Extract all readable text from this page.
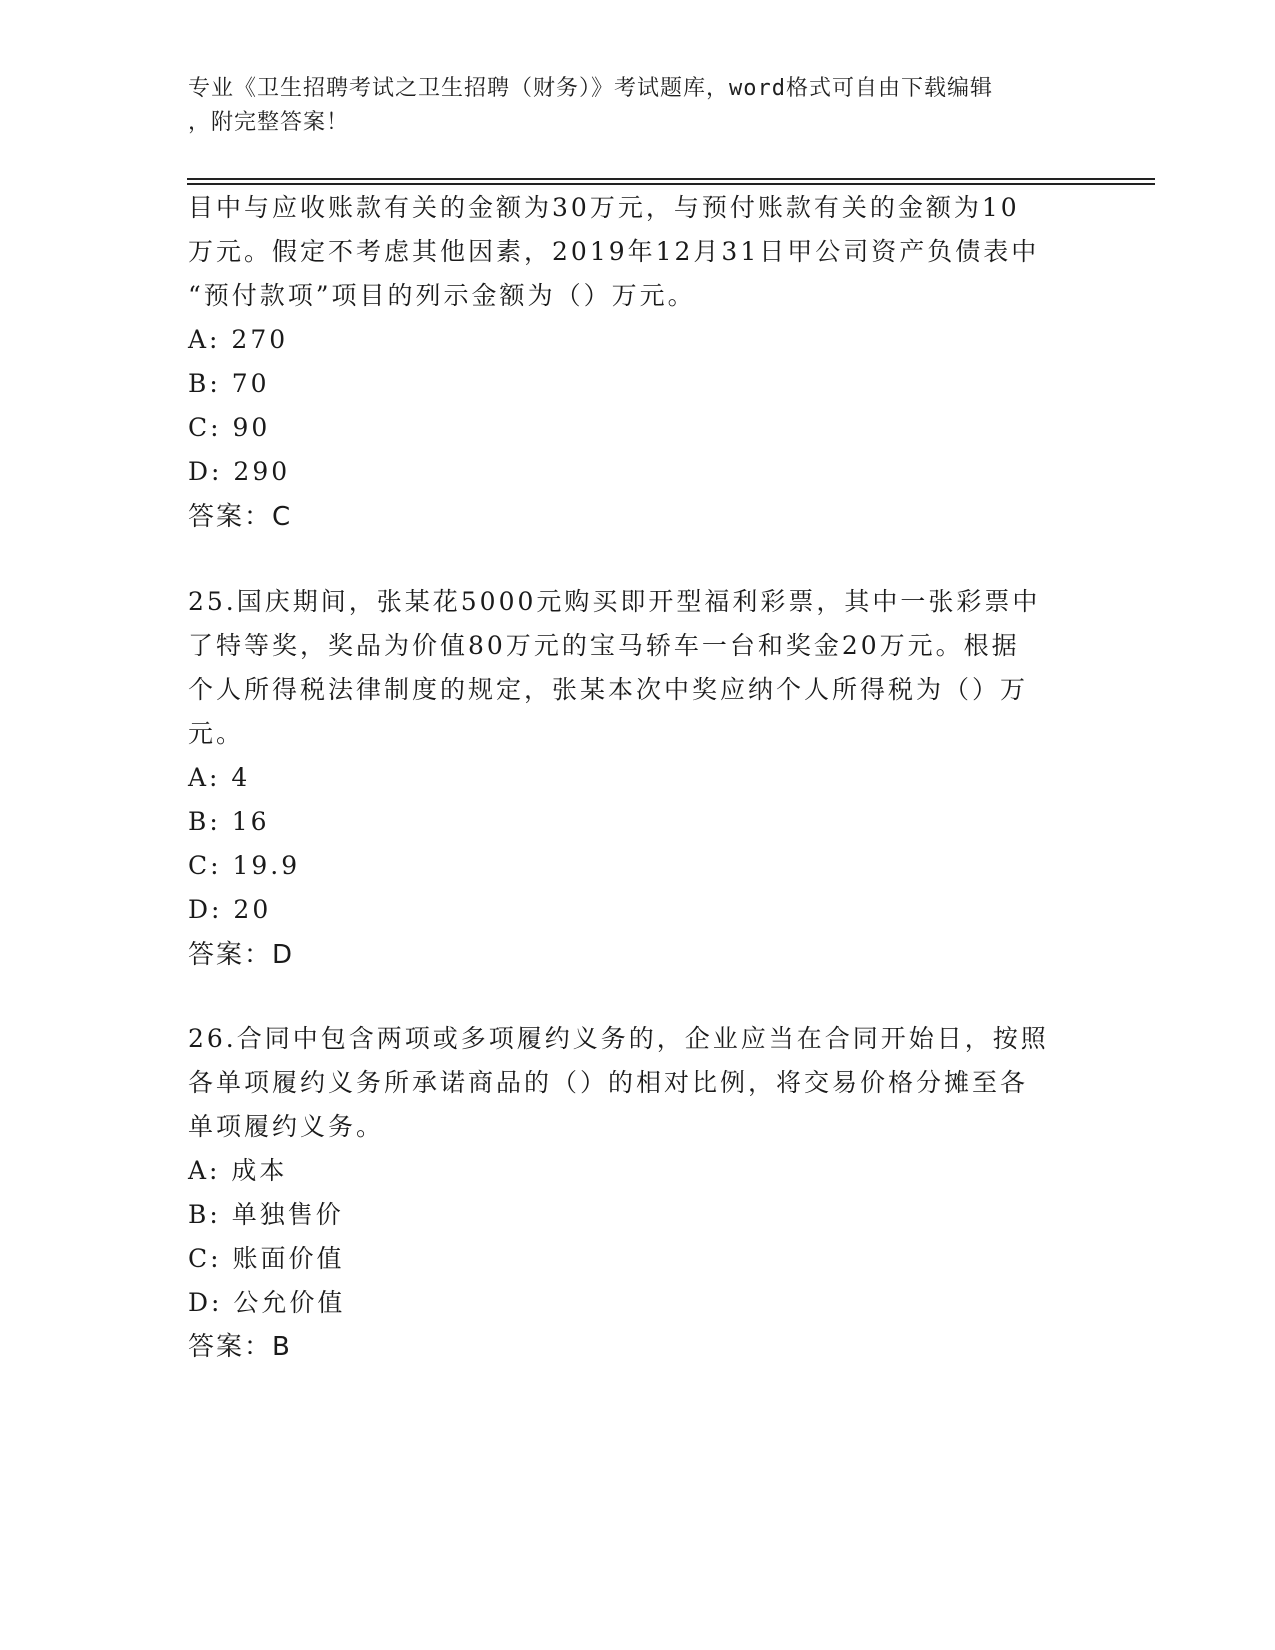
专业《卫生招聘考试之卫生招聘（财务）》考试题库，word格式可自由下载编辑
，附完整答案！
目中与应收账款有关的金额为30万元，与预付账款有关的金额为10
万元。假定不考虑其他因素，2019年12月31日甲公司资产负债表中
“预付款项”项目的列示金额为（）万元。
A: 270
B: 70
C: 90
D: 290
答案：C
25.国庆期间，张某花5000元购买即开型福利彩票，其中一张彩票中
了特等奖，奖品为价值80万元的宝马轿车一台和奖金20万元。根据
个人所得税法律制度的规定，张某本次中奖应纳个人所得税为（）万
元。
A: 4
B: 16
C: 19.9
D: 20
答案：D
26.合同中包含两项或多项履约义务的，企业应当在合同开始日，按照
各单项履约义务所承诺商品的（）的相对比例，将交易价格分摊至各
单项履约义务。
A: 成本
B: 单独售价
C: 账面价值
D: 公允价值
答案：B
